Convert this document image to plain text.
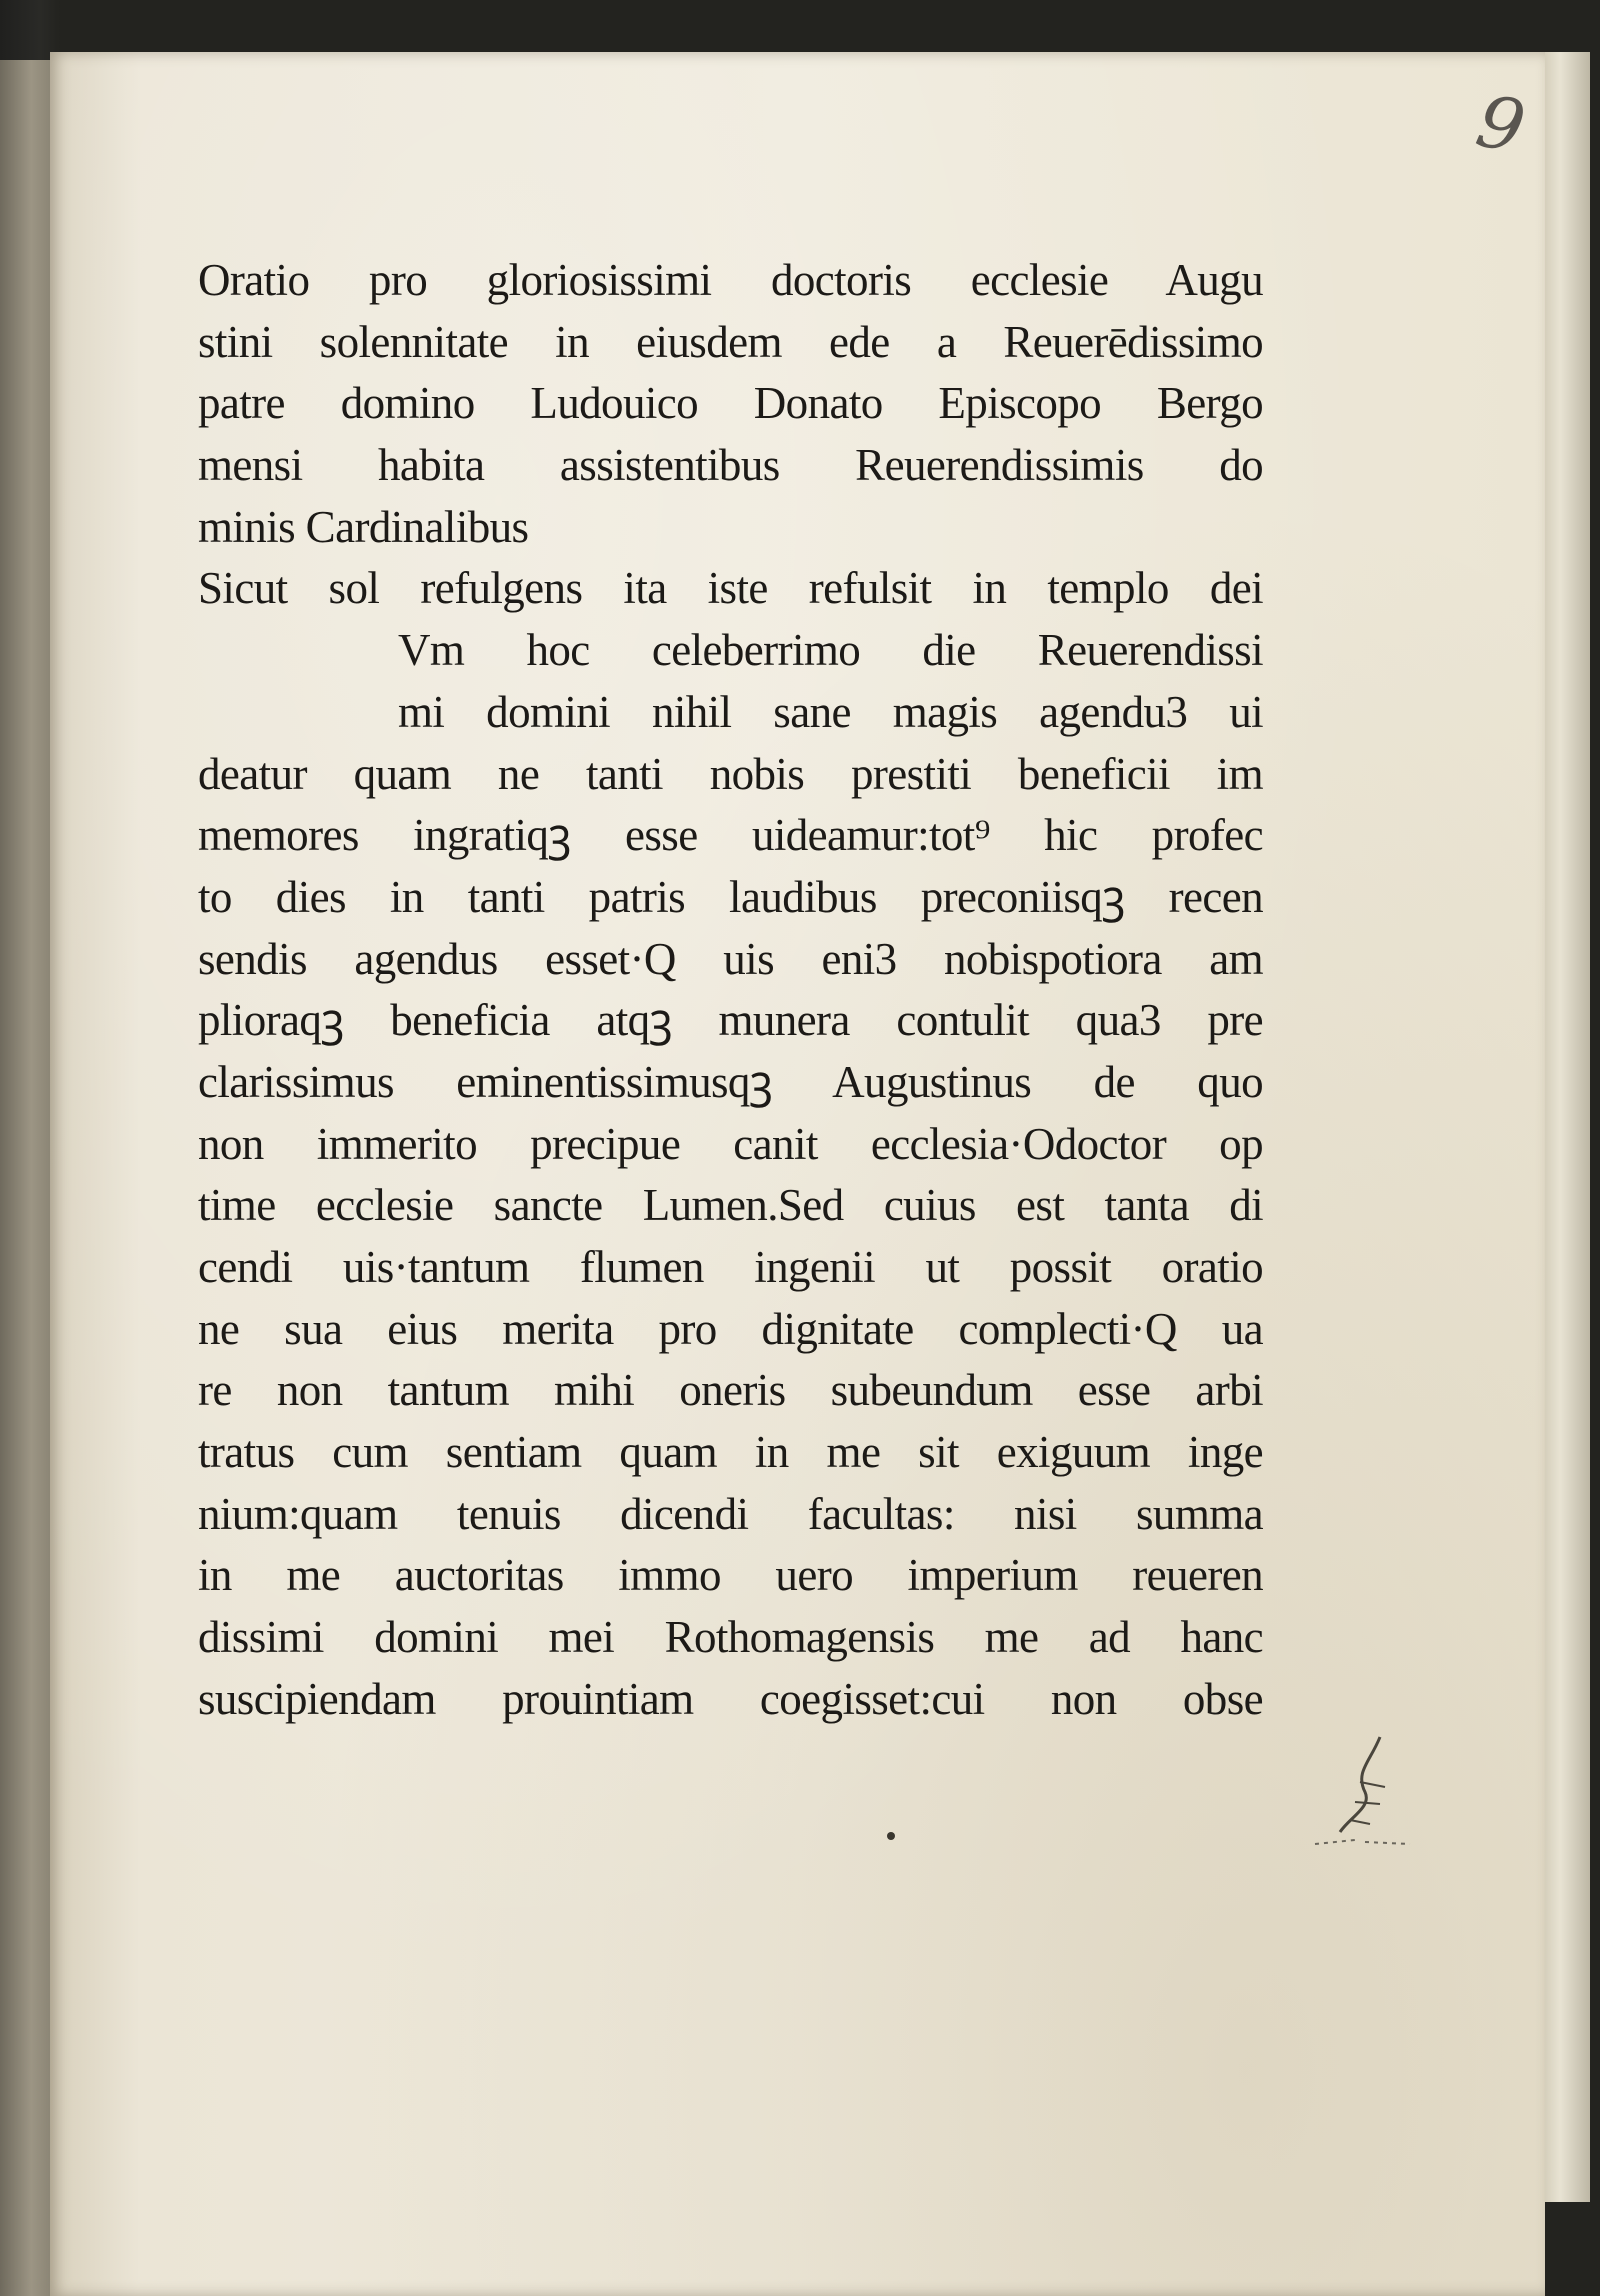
9
Oratio pro gloriosissimi doctoris ecclesie Augu
stini solennitate in eiusdem ede a Reuerēdissimo
patre domino Ludouico Donato Episcopo Bergo
mensi habita assistentibus Reuerendissimis do
minis Cardinalibus
Sicut sol refulgens ita iste refulsit in templo dei
Vm hoc celeberrimo die Reuerendissi
mi domini nihil sane magis agendu3 ui
deatur quam ne tanti nobis prestiti beneficii im
memores ingratiqꝫ esse uideamur:tot⁹ hic profec
to dies in tanti patris laudibus preconiisqꝫ recen
sendis agendus esset·Q uis eni3 nobispotiora am
plioraqꝫ beneficia atqꝫ munera contulit qua3 pre
clarissimus eminentissimusqꝫ Augustinus de quo
non immerito precipue canit ecclesia·Odoctor op
time ecclesie sancte Lumen.Sed cuius est tanta di
cendi uis·tantum flumen ingenii ut possit oratio
ne sua eius merita pro dignitate complecti·Q ua
re non tantum mihi oneris subeundum esse arbi
tratus cum sentiam quam in me sit exiguum inge
nium:quam tenuis dicendi facultas: nisi summa
in me auctoritas immo uero imperium reueren
dissimi domini mei Rothomagensis me ad hanc
suscipiendam prouintiam coegisset:cui non obse
